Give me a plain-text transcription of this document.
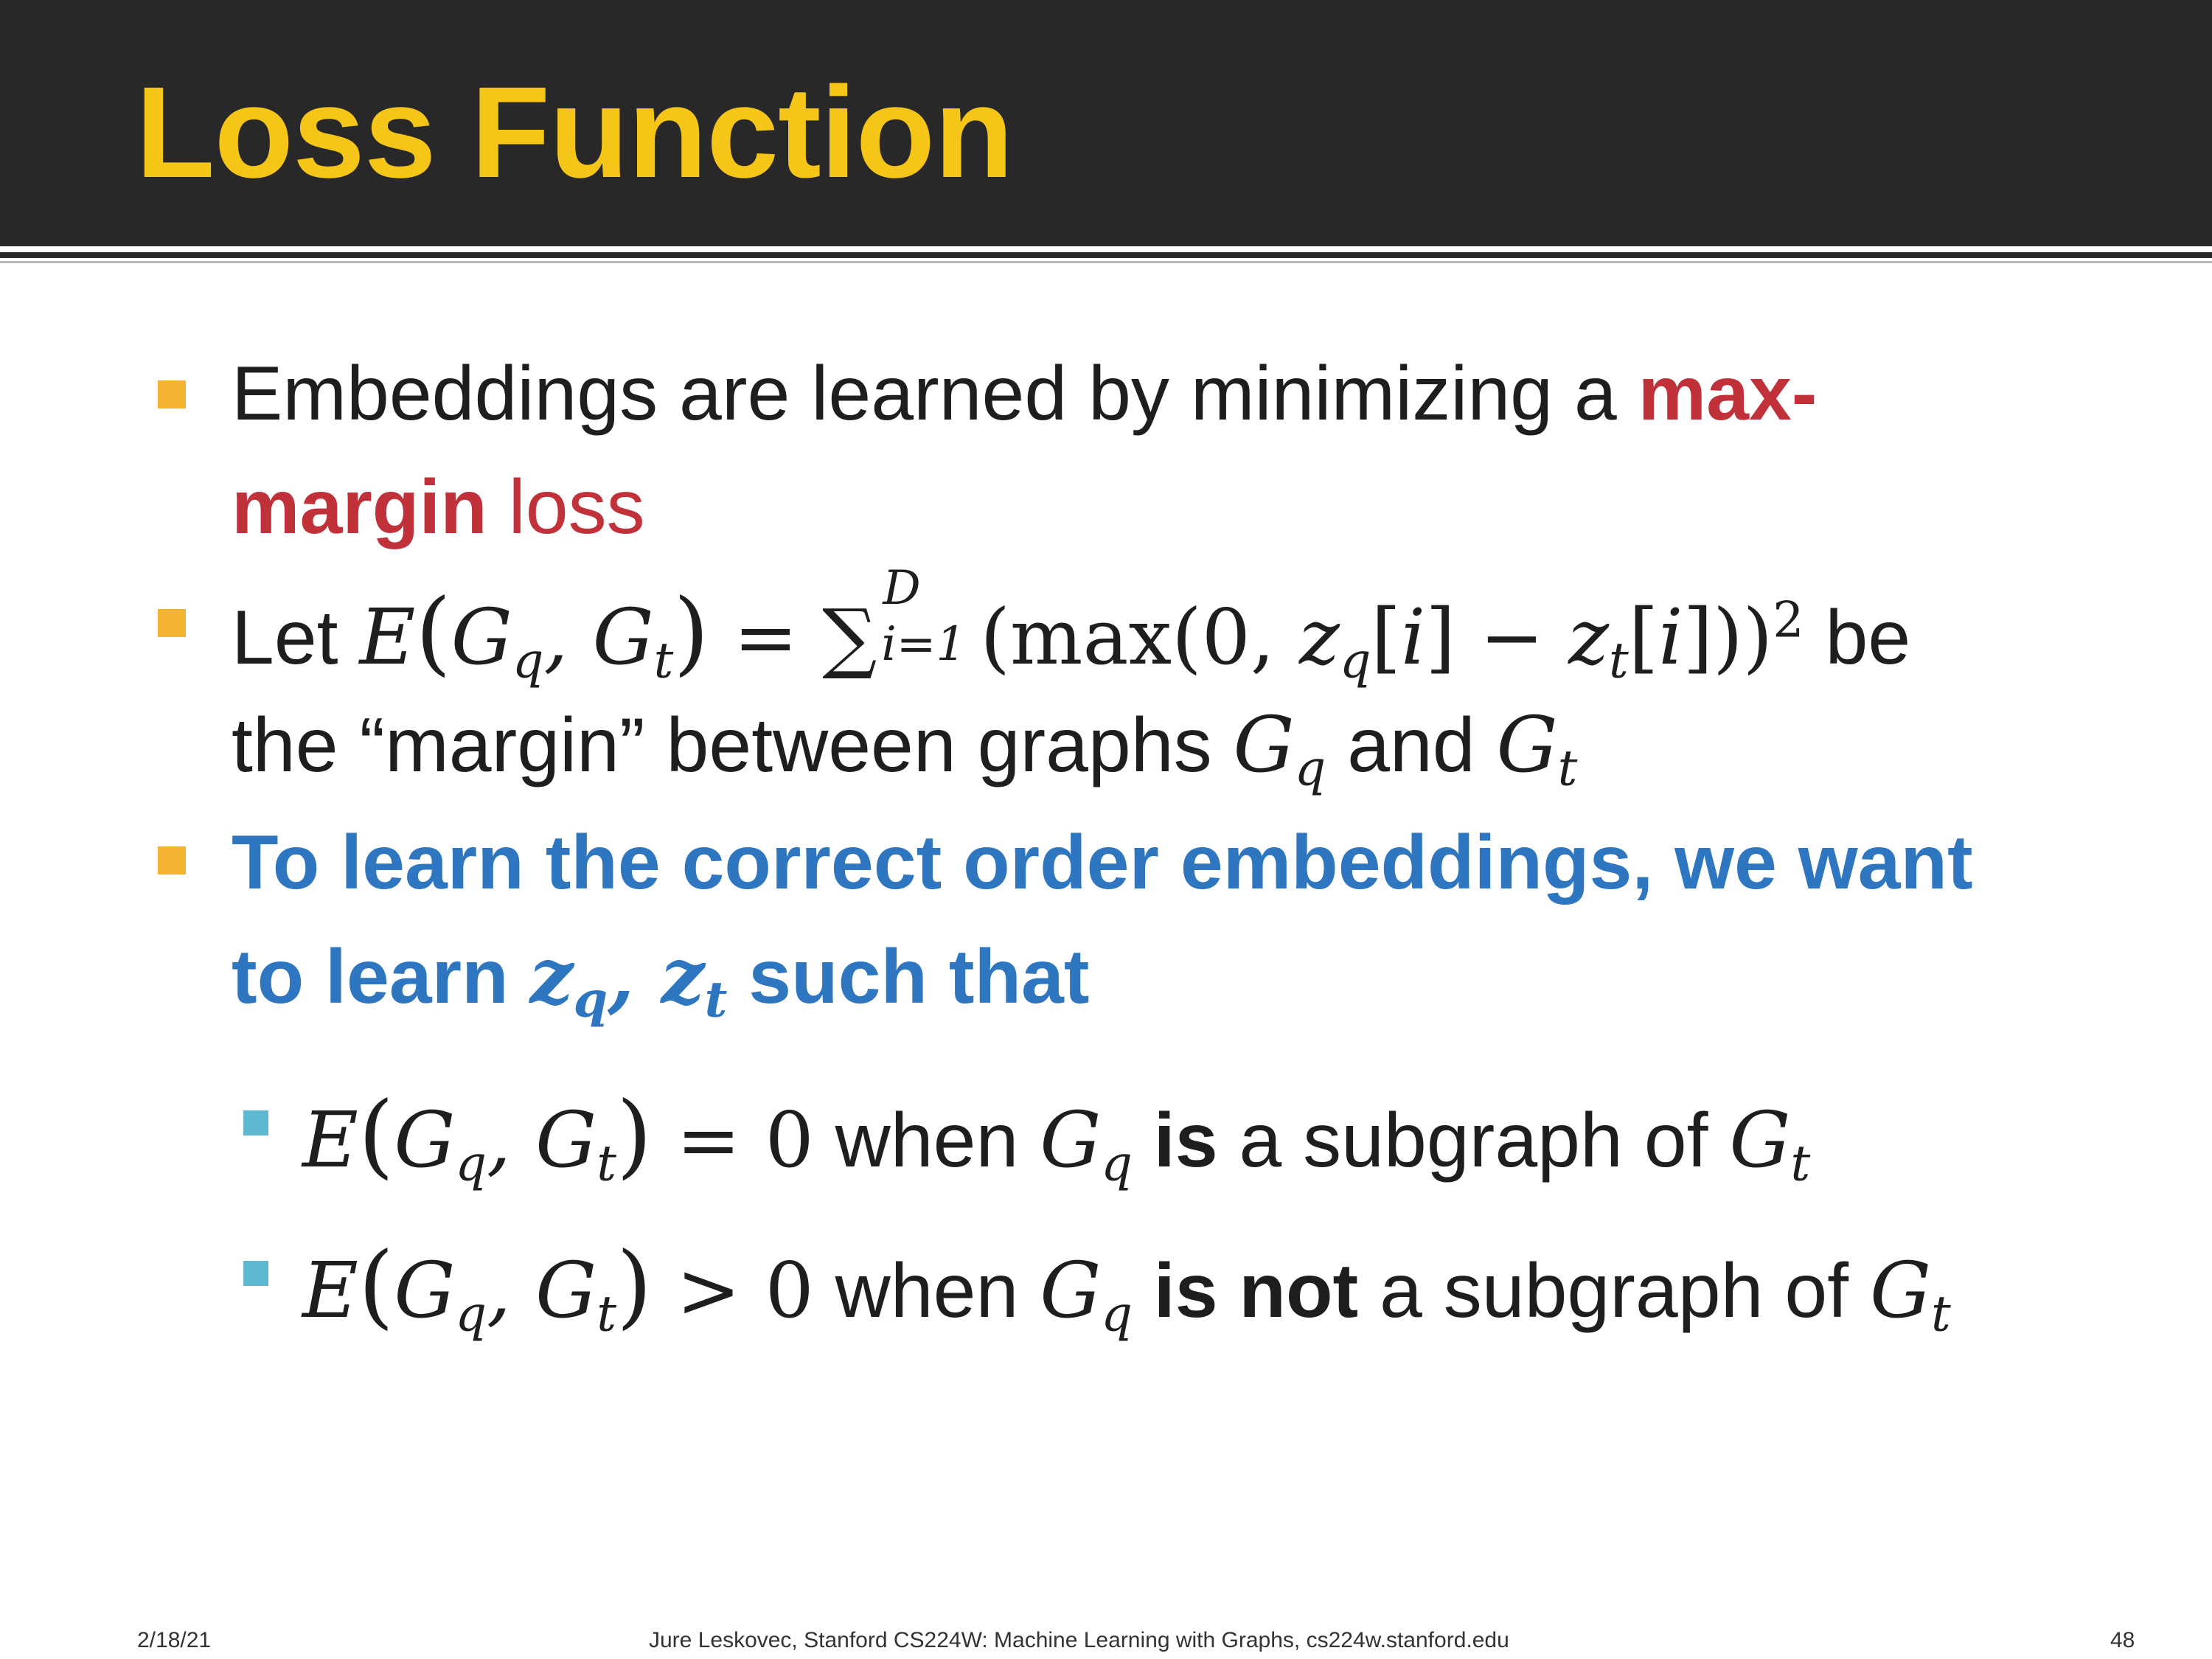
Loss Function
Embeddings are learned by minimizing a max-
margin loss
Let $E(G_q$, $G_t$) = ∑
D
i=1 (max(0, $z_q[i] - z_t[i]))^2$ be
the “margin” between graphs $G_q$ and $G_t$
To learn the correct order embeddings, we want
to learn $z_q$, $z_t$ such that
$E(G_q$, $G_t) = 0$ when $G_q$ is a subgraph of $G_t$
$E(G_q$, $G_t) > 0$ when $G_q$ is not a subgraph of $G_t$
2/18/21	Jure Leskovec, Stanford CS224W: Machine Learning with Graphs, cs224w.stanford.edu	48
